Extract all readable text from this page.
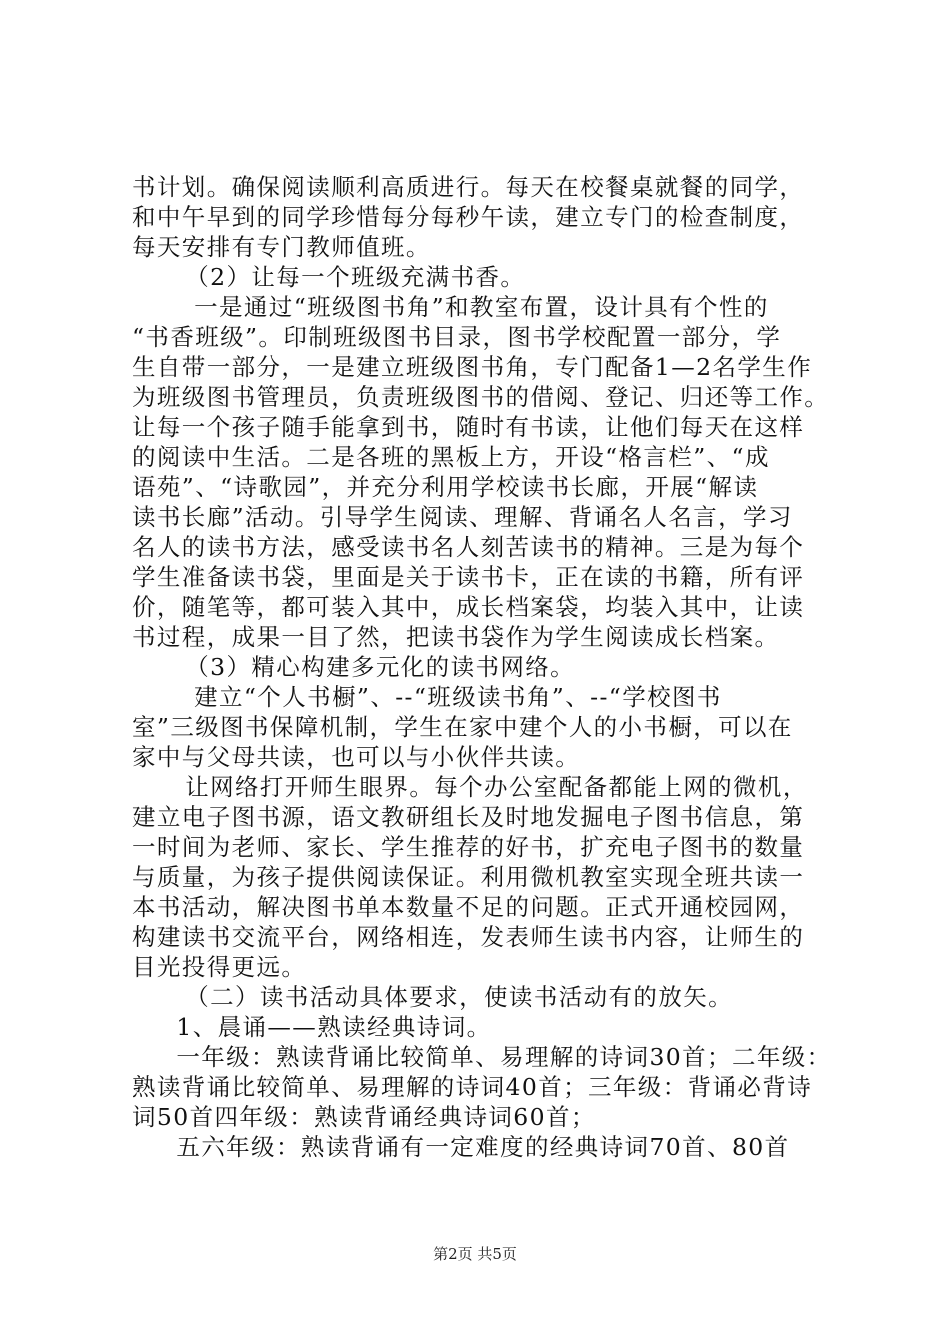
书计划。确保阅读顺利高质进行。每天在校餐桌就餐的同学，
和中午早到的同学珍惜每分每秒午读，建立专门的检查制度，
每天安排有专门教师值班。
（2）让每一个班级充满书香。
一是通过“班级图书角”和教室布置，设计具有个性的
“书香班级”。印制班级图书目录，图书学校配置一部分，学
生自带一部分，一是建立班级图书角，专门配备1—2名学生作
为班级图书管理员，负责班级图书的借阅、登记、归还等工作。
让每一个孩子随手能拿到书，随时有书读，让他们每天在这样
的阅读中生活。二是各班的黑板上方，开设“格言栏”、“成
语苑”、“诗歌园”，并充分利用学校读书长廊，开展“解读
读书长廊”活动。引导学生阅读、理解、背诵名人名言，学习
名人的读书方法，感受读书名人刻苦读书的精神。三是为每个
学生准备读书袋，里面是关于读书卡，正在读的书籍，所有评
价，随笔等，都可装入其中，成长档案袋，均装入其中，让读
书过程，成果一目了然，把读书袋作为学生阅读成长档案。
（3）精心构建多元化的读书网络。
建立“个人书橱”、--“班级读书角”、--“学校图书
室”三级图书保障机制，学生在家中建个人的小书橱，可以在
家中与父母共读，也可以与小伙伴共读。
让网络打开师生眼界。每个办公室配备都能上网的微机，
建立电子图书源，语文教研组长及时地发掘电子图书信息，第
一时间为老师、家长、学生推荐的好书，扩充电子图书的数量
与质量，为孩子提供阅读保证。利用微机教室实现全班共读一
本书活动，解决图书单本数量不足的问题。正式开通校园网，
构建读书交流平台，网络相连，发表师生读书内容，让师生的
目光投得更远。
（二）读书活动具体要求，使读书活动有的放矢。
1、晨诵——熟读经典诗词。
一年级：熟读背诵比较简单、易理解的诗词30首；二年级：
熟读背诵比较简单、易理解的诗词40首；三年级：背诵必背诗
词50首四年级：熟读背诵经典诗词60首；
五六年级：熟读背诵有一定难度的经典诗词70首、80首
第2页 共5页
